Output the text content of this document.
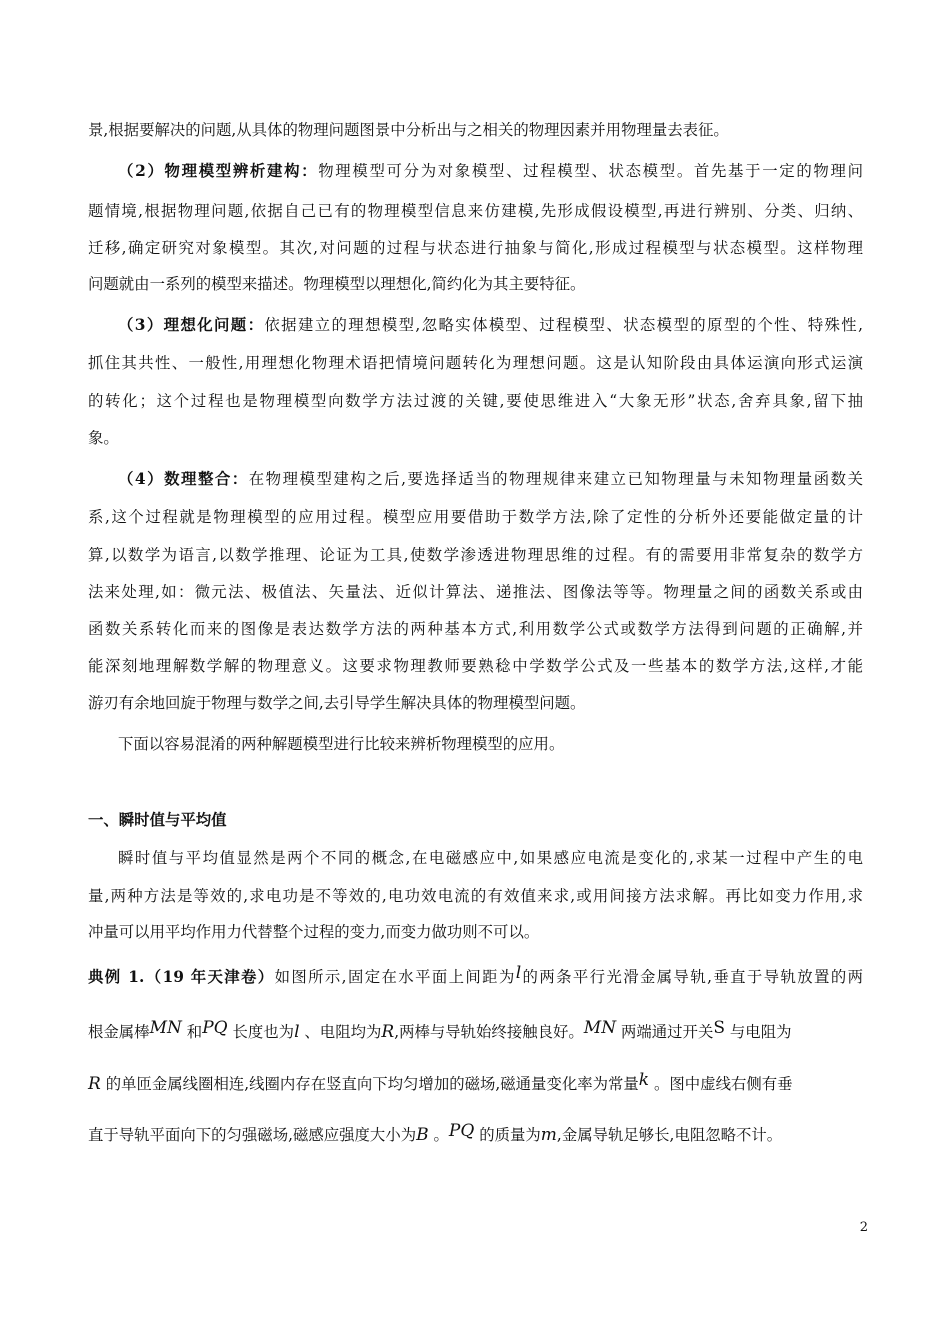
景,根据要解决的问题,从具体的物理问题图景中分析出与之相关的物理因素并用物理量去表征。
（2）物理模型辨析建构：物理模型可分为对象模型、过程模型、状态模型。首先基于一定的物理问
题情境,根据物理问题,依据自己已有的物理模型信息来仿建模,先形成假设模型,再进行辨别、分类、归纳、
迁移,确定研究对象模型。其次,对问题的过程与状态进行抽象与简化,形成过程模型与状态模型。这样物理
问题就由一系列的模型来描述。物理模型以理想化,简约化为其主要特征。
（3）理想化问题：依据建立的理想模型,忽略实体模型、过程模型、状态模型的原型的个性、特殊性,
抓住其共性、一般性,用理想化物理术语把情境问题转化为理想问题。这是认知阶段由具体运演向形式运演
的转化；这个过程也是物理模型向数学方法过渡的关键,要使思维进入“大象无形”状态,舍弃具象,留下抽
象。
（4）数理整合：在物理模型建构之后,要选择适当的物理规律来建立已知物理量与未知物理量函数关
系,这个过程就是物理模型的应用过程。模型应用要借助于数学方法,除了定性的分析外还要能做定量的计
算,以数学为语言,以数学推理、论证为工具,使数学渗透进物理思维的过程。有的需要用非常复杂的数学方
法来处理,如：微元法、极值法、矢量法、近似计算法、递推法、图像法等等。物理量之间的函数关系或由
函数关系转化而来的图像是表达数学方法的两种基本方式,利用数学公式或数学方法得到问题的正确解,并
能深刻地理解数学解的物理意义。这要求物理教师要熟稔中学数学公式及一些基本的数学方法,这样,才能
游刃有余地回旋于物理与数学之间,去引导学生解决具体的物理模型问题。
下面以容易混淆的两种解题模型进行比较来辨析物理模型的应用。
一、瞬时值与平均值
瞬时值与平均值显然是两个不同的概念,在电磁感应中,如果感应电流是变化的,求某一过程中产生的电
量,两种方法是等效的,求电功是不等效的,电功效电流的有效值来求,或用间接方法求解。再比如变力作用,求
冲量可以用平均作用力代替整个过程的变力,而变力做功则不可以。
典例 1.（19 年天津卷）如图所示,固定在水平面上间距为l的两条平行光滑金属导轨,垂直于导轨放置的两
根金属棒MN 和PQ 长度也为l 、电阻均为R,两棒与导轨始终接触良好。MN 两端通过开关S 与电阻为
R 的单匝金属线圈相连,线圈内存在竖直向下均匀增加的磁场,磁通量变化率为常量k 。图中虚线右侧有垂
直于导轨平面向下的匀强磁场,磁感应强度大小为B 。PQ 的质量为m,金属导轨足够长,电阻忽略不计。
2
